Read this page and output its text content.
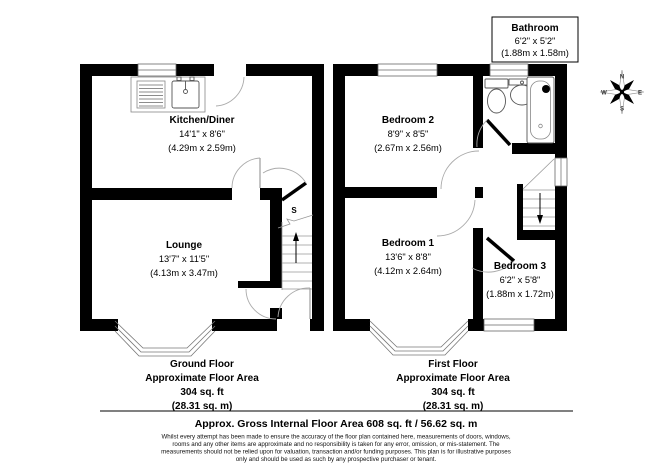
S
Kitchen/Diner
14'1" x 8'6"
(4.29m x 2.59m)
Lounge
13'7" x 11'5"
(4.13m x 3.47m)
Ground Floor
Approximate Floor Area
304 sq. ft
(28.31 sq. m)
Bathroom
6'2" x 5'2"
(1.88m x 1.58m)
Bedroom 2
8'9" x 8'5"
(2.67m x 2.56m)
Bedroom 1
13'6" x 8'8"
(4.12m x 2.64m)	Bedroom 3
6'2" x 5'8"
(1.88m x 1.72m)
First Floor
Approximate Floor Area
304 sq. ft
(28.31 sq. m)
N
S
W	E
Approx. Gross Internal Floor Area 608 sq. ft / 56.62 sq. m
Whilst every attempt has been made to ensure the accuracy of the floor plan contained here, measurements of doors, windows,
rooms and any other items are approximate and no responsibility is taken for any error, omission, or mis-statement. The
measurements should not be relied upon for valuation, transaction and/or funding purposes. This plan is for illustrative purposes
only and should be used as such by any prospective purchaser or tenant.
